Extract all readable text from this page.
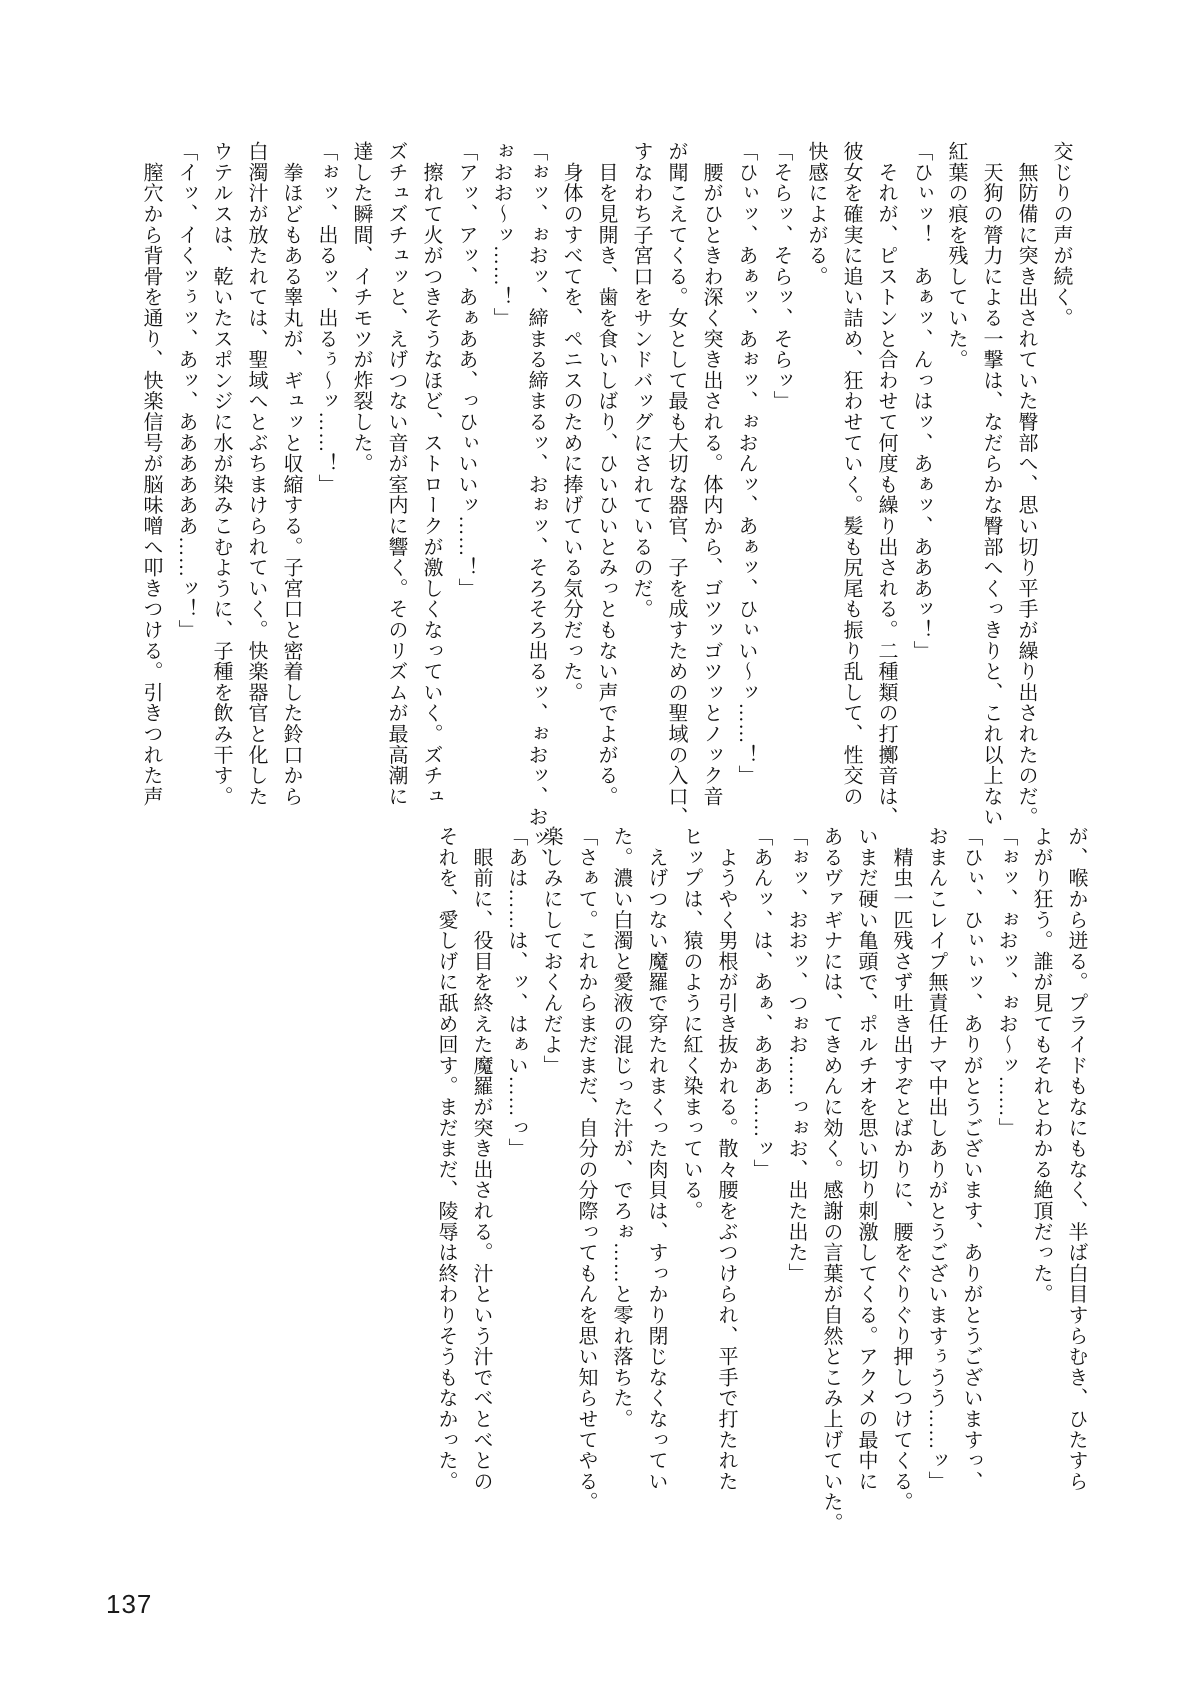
交じりの声が続く。
　無防備に突き出されていた臀部へ、思い切り平手が繰り出されたのだ。
　天狗の膂力による一撃は、なだらかな臀部へくっきりと、これ以上ない
紅葉の痕を残していた。
「ひぃッ！　あぁッ、んっはッ、あぁッ、あああッ！」
　それが、ピストンと合わせて何度も繰り出される。二種類の打擲音は、
彼女を確実に追い詰め、狂わせていく。髪も尻尾も振り乱して、性交の
快感によがる。
「そらッ、そらッ、そらッ」
「ひぃッ、あぁッ、あぉッ、ぉおんッ、あぁッ、ひぃい〜ッ……！」
　腰がひときわ深く突き出される。体内から、ゴツッゴツッとノック音
が聞こえてくる。女として最も大切な器官、子を成すための聖域の入口、
すなわち子宮口をサンドバッグにされているのだ。
　目を見開き、歯を食いしばり、ひいひいとみっともない声でよがる。
　身体のすべてを、ペニスのために捧げている気分だった。
「ぉッ、ぉおッ、締まる締まるッ、おぉッ、そろそろ出るッ、ぉおッ、おッ、
ぉおお〜ッ……！」
「アッ、アッ、あぁああ、っひぃいいッ……！」
　擦れて火がつきそうなほど、ストロークが激しくなっていく。ズチュ
ズチュズチュッと、えげつない音が室内に響く。そのリズムが最高潮に
達した瞬間、イチモツが炸裂した。
「ぉッ、出るッ、出るぅ〜ッ……！」
　拳ほどもある睾丸が、ギュッと収縮する。子宮口と密着した鈴口から
白濁汁が放たれては、聖域へとぶちまけられていく。快楽器官と化した
ウテルスは、乾いたスポンジに水が染みこむように、子種を飲み干す。
「イッ、イくッぅッ、あッ、ああああああ……ッ！」
　膣穴から背骨を通り、快楽信号が脳味噌へ叩きつける。引きつれた声
が、喉から迸る。プライドもなにもなく、半ば白目すらむき、ひたすら
よがり狂う。誰が見てもそれとわかる絶頂だった。
「ぉッ、ぉおッ、ぉお〜ッ……」
「ひぃ、ひぃぃッ、ありがとうございます、ありがとうございますっ、
おまんこレイプ無責任ナマ中出しありがとうございますぅうう……ッ」
　精虫一匹残さず吐き出すぞとばかりに、腰をぐりぐり押しつけてくる。
いまだ硬い亀頭で、ポルチオを思い切り刺激してくる。アクメの最中に
あるヴァギナには、てきめんに効く。感謝の言葉が自然とこみ上げていた。
「ぉッ、おおッ、つぉお……っぉお、出た出た」
「あんッ、は、あぁ、あああ……ッ」
　ようやく男根が引き抜かれる。散々腰をぶつけられ、平手で打たれた
ヒップは、猿のように紅く染まっている。
　えげつない魔羅で穿たれまくった肉貝は、すっかり閉じなくなってい
た。濃い白濁と愛液の混じった汁が、でろぉ……と零れ落ちた。
「さぁて。これからまだまだ、自分の分際ってもんを思い知らせてやる。
楽しみにしておくんだよ」
「あは……は、ッ、はぁい……っ」
　眼前に、役目を終えた魔羅が突き出される。汁という汁でべとべとの
それを、愛しげに舐め回す。まだまだ、陵辱は終わりそうもなかった。
137
